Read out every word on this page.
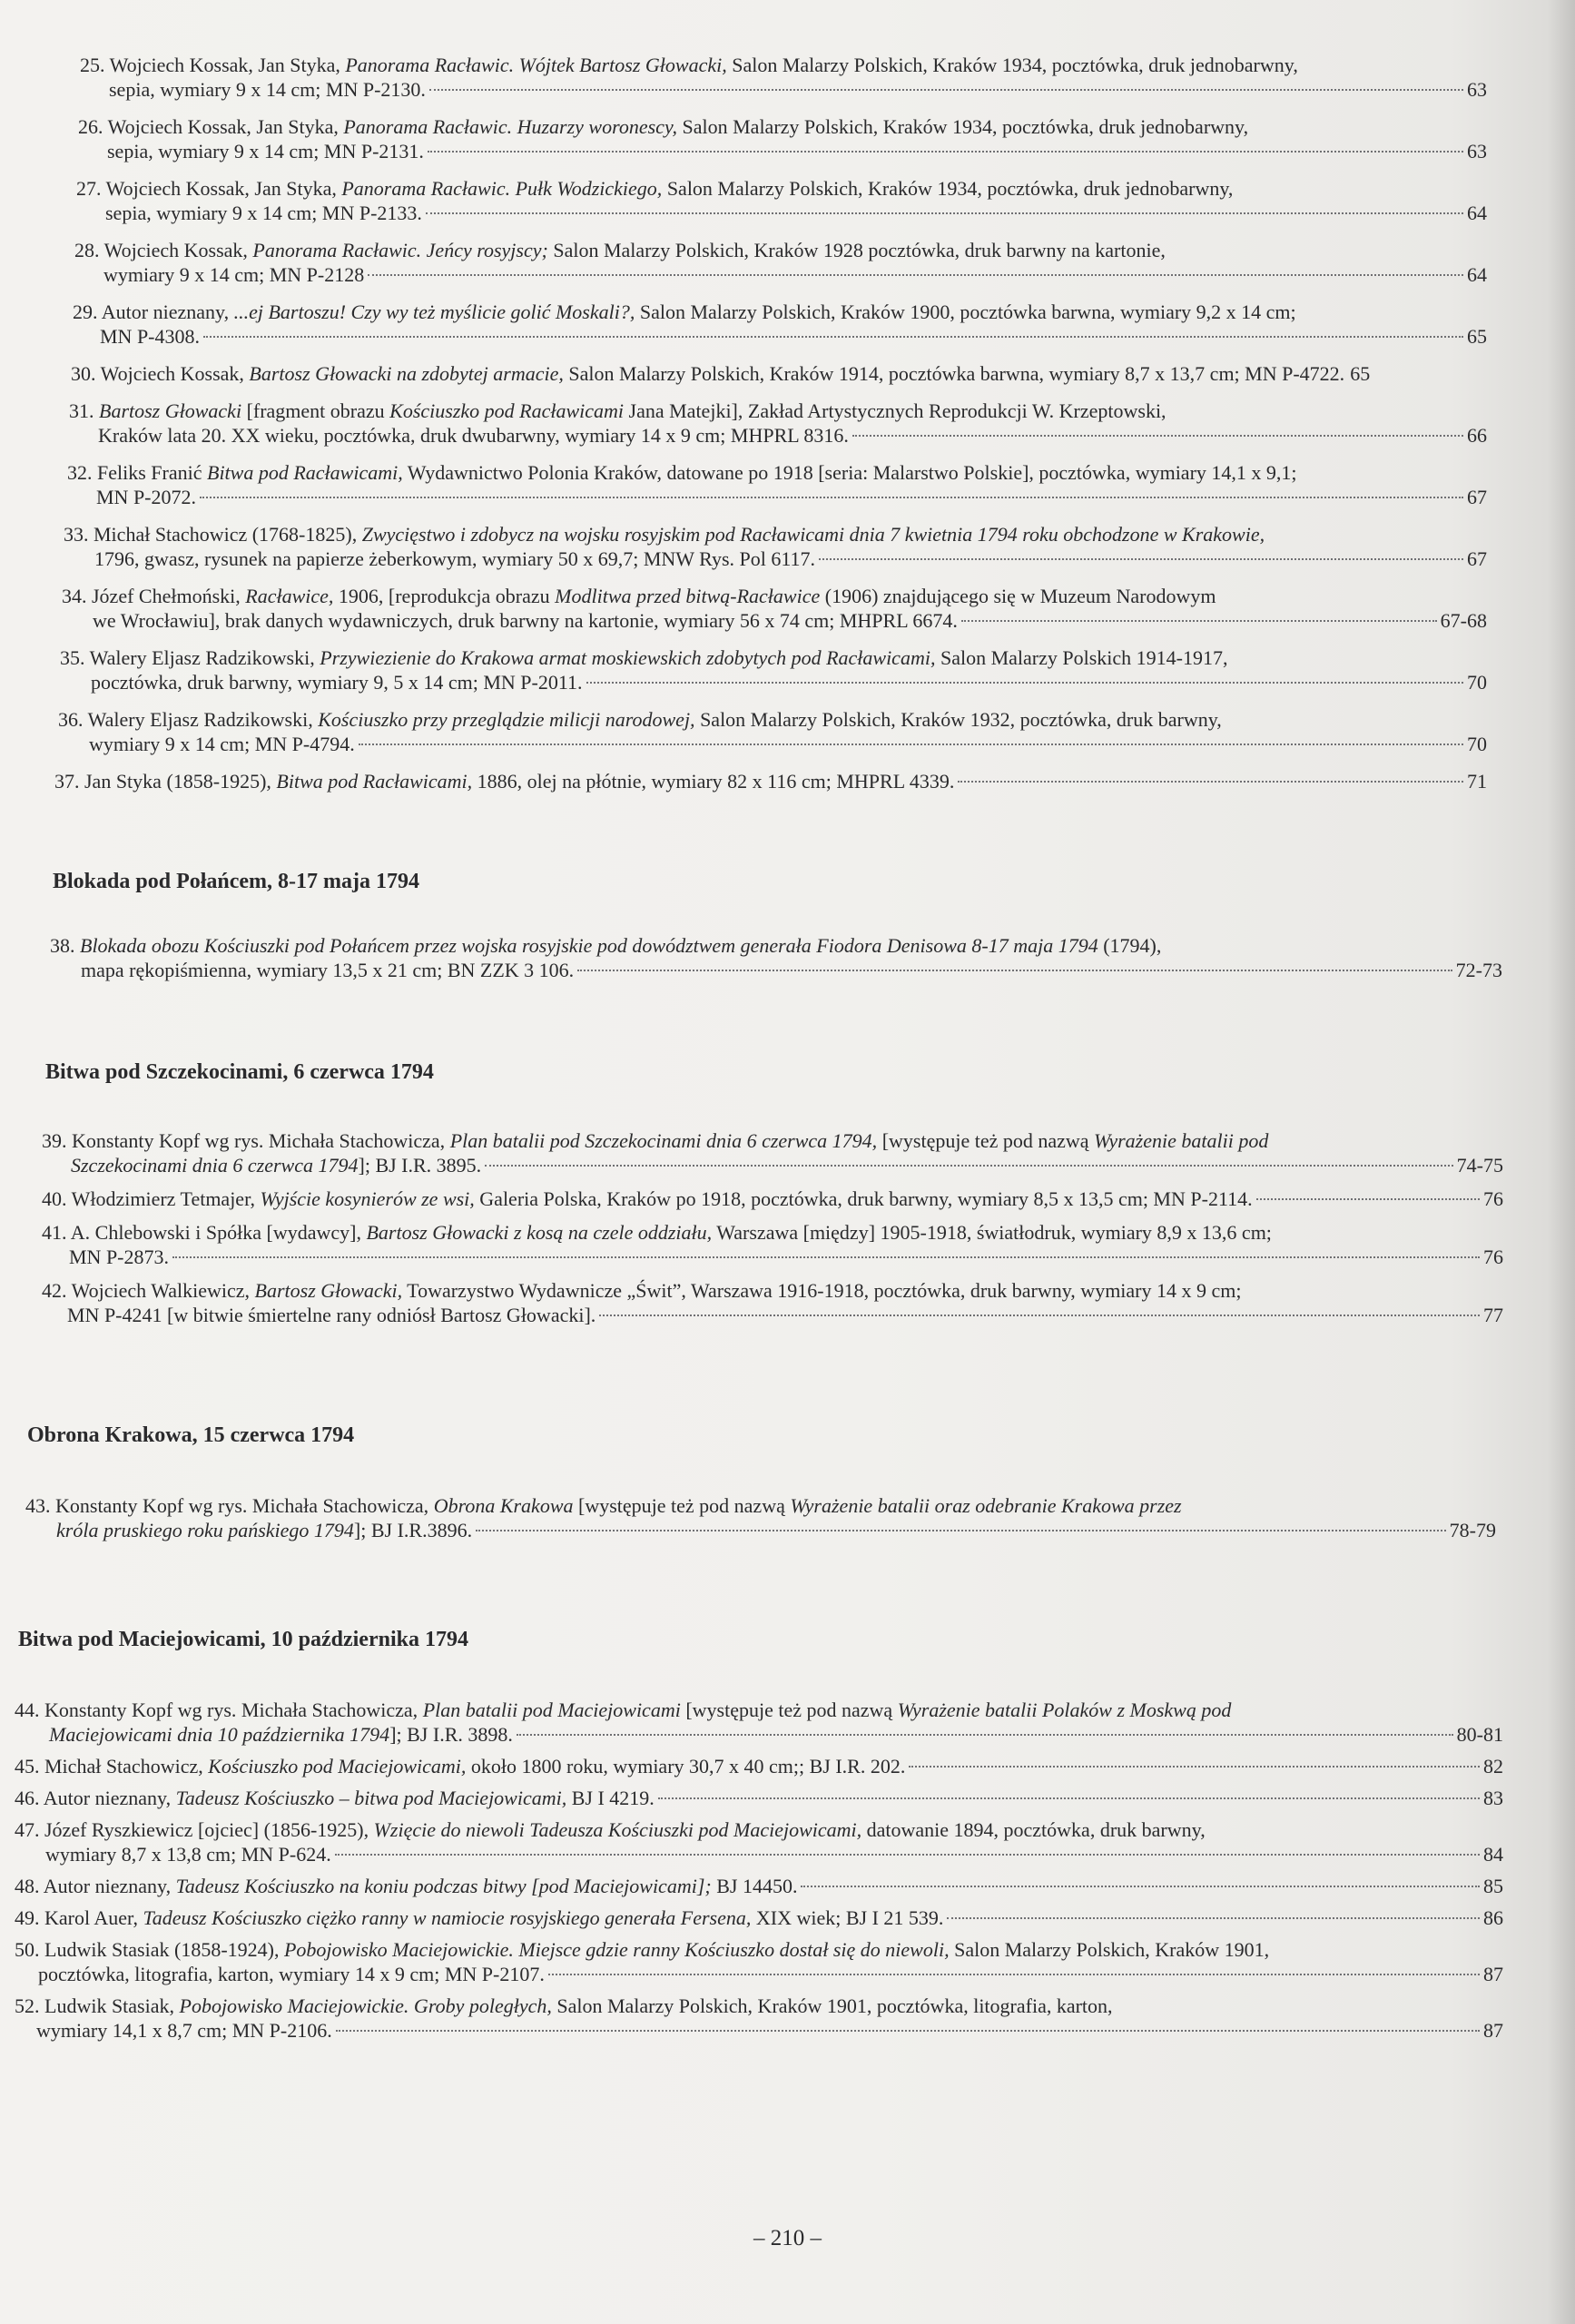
25. Wojciech Kossak, Jan Styka, Panorama Racławic. Wójtek Bartosz Głowacki, Salon Malarzy Polskich, Kraków 1934, pocztówka, druk jednobarwny,
sepia, wymiary 9 x 14 cm; MN P-2130.	63
26. Wojciech Kossak, Jan Styka, Panorama Racławic. Huzarzy woronescy, Salon Malarzy Polskich, Kraków 1934, pocztówka, druk jednobarwny,
sepia, wymiary 9 x 14 cm; MN P-2131.	63
27. Wojciech Kossak, Jan Styka, Panorama Racławic. Pułk Wodzickiego, Salon Malarzy Polskich, Kraków 1934, pocztówka, druk jednobarwny,
sepia, wymiary 9 x 14 cm; MN P-2133.	64
28. Wojciech Kossak, Panorama Racławic. Jeńcy rosyjscy; Salon Malarzy Polskich, Kraków 1928 pocztówka, druk barwny na kartonie,
wymiary 9 x 14 cm; MN P-2128	64
29. Autor nieznany, ...ej Bartoszu! Czy wy też myślicie golić Moskali?, Salon Malarzy Polskich, Kraków 1900, pocztówka barwna, wymiary 9,2 x 14 cm;
MN P-4308.	65
30. Wojciech Kossak, Bartosz Głowacki na zdobytej armacie, Salon Malarzy Polskich, Kraków 1914, pocztówka barwna, wymiary 8,7 x 13,7 cm; MN P-4722. 65
31. Bartosz Głowacki [fragment obrazu Kościuszko pod Racławicami Jana Matejki], Zakład Artystycznych Reprodukcji W. Krzeptowski,
Kraków lata 20. XX wieku, pocztówka, druk dwubarwny, wymiary 14 x 9 cm; MHPRL 8316.	66
32. Feliks Franić Bitwa pod Racławicami, Wydawnictwo Polonia Kraków, datowane po 1918 [seria: Malarstwo Polskie], pocztówka, wymiary 14,1 x 9,1;
MN P-2072.	67
33. Michał Stachowicz (1768-1825), Zwycięstwo i zdobycz na wojsku rosyjskim pod Racławicami dnia 7 kwietnia 1794 roku obchodzone w Krakowie,
1796, gwasz, rysunek na papierze żeberkowym, wymiary 50 x 69,7; MNW Rys. Pol 6117.	67
34. Józef Chełmoński, Racławice, 1906, [reprodukcja obrazu Modlitwa przed bitwą-Racławice (1906) znajdującego się w Muzeum Narodowym
we Wrocławiu], brak danych wydawniczych, druk barwny na kartonie, wymiary 56 x 74 cm; MHPRL 6674.	67-68
35. Walery Eljasz Radzikowski, Przywiezienie do Krakowa armat moskiewskich zdobytych pod Racławicami, Salon Malarzy Polskich 1914-1917,
pocztówka, druk barwny, wymiary 9, 5 x 14 cm; MN P-2011.	70
36. Walery Eljasz Radzikowski, Kościuszko przy przeglądzie milicji narodowej, Salon Malarzy Polskich, Kraków 1932, pocztówka, druk barwny,
wymiary 9 x 14 cm; MN P-4794.	70
37. Jan Styka (1858-1925), Bitwa pod Racławicami, 1886, olej na płótnie, wymiary 82 x 116 cm; MHPRL 4339.	71
Blokada pod Połańcem, 8-17 maja 1794
38. Blokada obozu Kościuszki pod Połańcem przez wojska rosyjskie pod dowództwem generała Fiodora Denisowa 8-17 maja 1794 (1794),
mapa rękopiśmienna, wymiary 13,5 x 21 cm; BN ZZK 3 106.	72-73
Bitwa pod Szczekocinami, 6 czerwca 1794
39. Konstanty Kopf wg rys. Michała Stachowicza, Plan batalii pod Szczekocinami dnia 6 czerwca 1794, [występuje też pod nazwą Wyrażenie batalii pod
Szczekocinami dnia 6 czerwca 1794]; BJ I.R. 3895.	74-75
40. Włodzimierz Tetmajer, Wyjście kosynierów ze wsi, Galeria Polska, Kraków po 1918, pocztówka, druk barwny, wymiary 8,5 x 13,5 cm; MN P-2114.	76
41. A. Chlebowski i Spółka [wydawcy], Bartosz Głowacki z kosą na czele oddziału, Warszawa [między] 1905-1918, światłodruk, wymiary 8,9 x 13,6 cm;
MN P-2873.	76
42. Wojciech Walkiewicz, Bartosz Głowacki, Towarzystwo Wydawnicze „Świt”, Warszawa 1916-1918, pocztówka, druk barwny, wymiary 14 x 9 cm;
MN P-4241 [w bitwie śmiertelne rany odniósł Bartosz Głowacki].	77
Obrona Krakowa, 15 czerwca 1794
43. Konstanty Kopf wg rys. Michała Stachowicza, Obrona Krakowa [występuje też pod nazwą Wyrażenie batalii oraz odebranie Krakowa przez
króla pruskiego roku pańskiego 1794]; BJ I.R.3896.	78-79
Bitwa pod Maciejowicami, 10 października 1794
44. Konstanty Kopf wg rys. Michała Stachowicza, Plan batalii pod Maciejowicami [występuje też pod nazwą Wyrażenie batalii Polaków z Moskwą pod
Maciejowicami dnia 10 października 1794]; BJ I.R. 3898.	80-81
45. Michał Stachowicz, Kościuszko pod Maciejowicami, około 1800 roku, wymiary 30,7 x 40 cm;; BJ I.R. 202.	82
46. Autor nieznany, Tadeusz Kościuszko – bitwa pod Maciejowicami, BJ I 4219.	83
47. Józef Ryszkiewicz [ojciec] (1856-1925), Wzięcie do niewoli Tadeusza Kościuszki pod Maciejowicami, datowanie 1894, pocztówka, druk barwny,
wymiary 8,7 x 13,8 cm; MN P-624.	84
48. Autor nieznany, Tadeusz Kościuszko na koniu podczas bitwy [pod Maciejowicami]; BJ 14450.	85
49. Karol Auer, Tadeusz Kościuszko ciężko ranny w namiocie rosyjskiego generała Fersena, XIX wiek; BJ I 21 539.	86
50. Ludwik Stasiak (1858-1924), Pobojowisko Maciejowickie. Miejsce gdzie ranny Kościuszko dostał się do niewoli, Salon Malarzy Polskich, Kraków 1901,
pocztówka, litografia, karton, wymiary 14 x 9 cm; MN P-2107.	87
52. Ludwik Stasiak, Pobojowisko Maciejowickie. Groby poległych, Salon Malarzy Polskich, Kraków 1901, pocztówka, litografia, karton,
wymiary 14,1 x 8,7 cm; MN P-2106.	87
– 210 –
